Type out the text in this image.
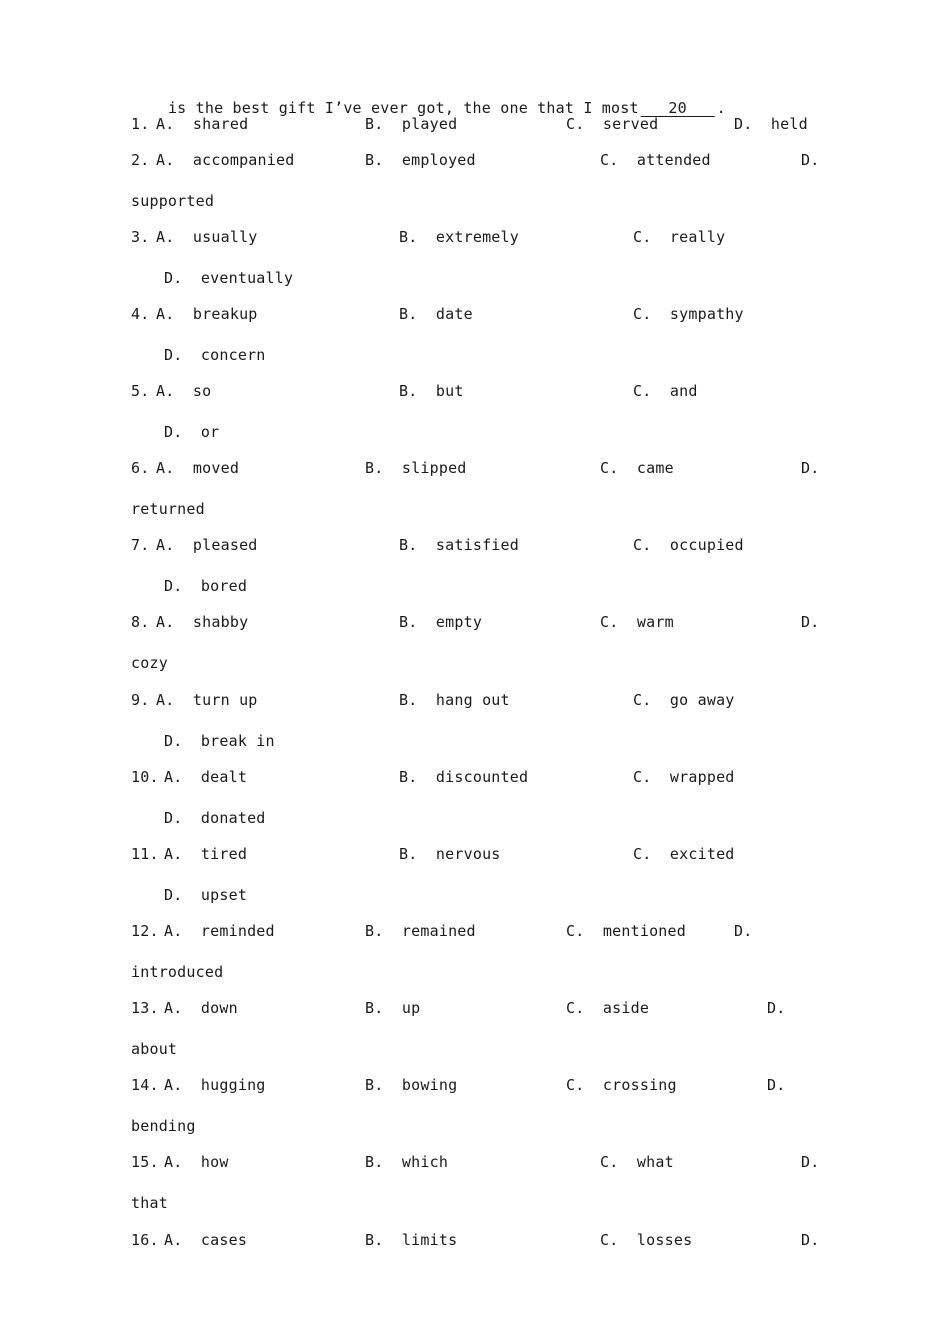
is the best gift I’ve ever got, the one that I most 20 .

1. A.  shared	B.  played	C.  served	D.  held
2. A.  accompanied	B.  employed	C.  attended	D.
supported
3. A.  usually	B.  extremely	C.  really
D.  eventually
4. A.  breakup	B.  date	C.  sympathy
D.  concern
5. A.  so	B.  but	C.  and
D.  or
6. A.  moved	B.  slipped	C.  came	D.
returned
7. A.  pleased	B.  satisfied	C.  occupied
D.  bored
8. A.  shabby	B.  empty	C.  warm	D.
cozy
9. A.  turn up	B.  hang out	C.  go away
D.  break in
10. A.  dealt	B.  discounted	C.  wrapped
D.  donated
11. A.  tired	B.  nervous	C.  excited
D.  upset
12. A.  reminded	B.  remained	C.  mentioned	D.
introduced
13. A.  down	B.  up	C.  aside	D.
about
14. A.  hugging	B.  bowing	C.  crossing	D.
bending
15. A.  how	B.  which	C.  what	D.
that
16. A.  cases	B.  limits	C.  losses	D.
